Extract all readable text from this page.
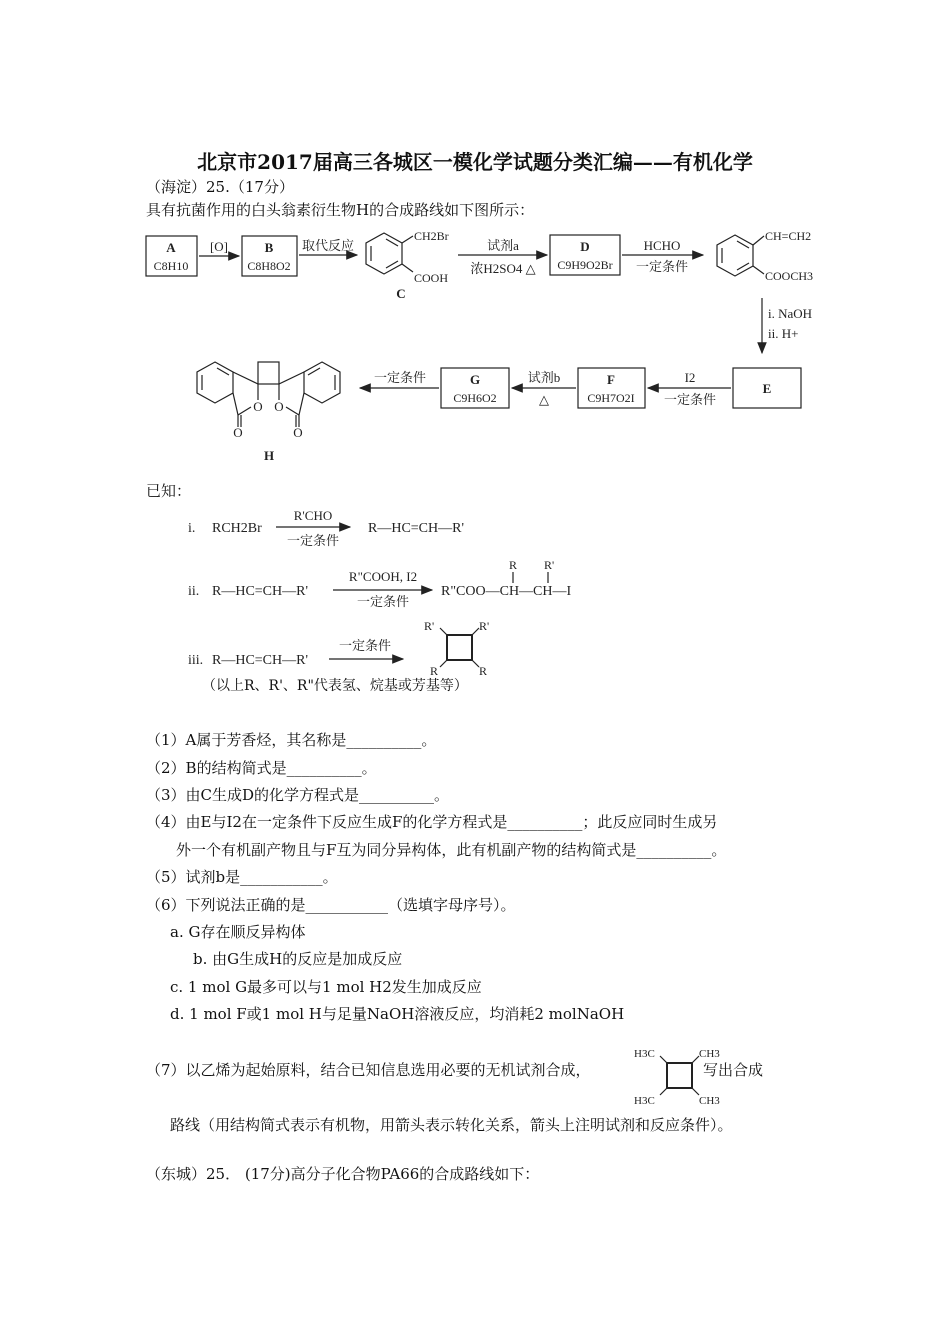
北京市2017届高三各城区一模化学试题分类汇编——有机化学
（海淀）25.（17分）
具有抗菌作用的白头翁素衍生物H的合成路线如下图所示：
A
C8H10
B
C8H8O2
D
C9H9O2Br
E
F
C9H7O2I
G
C9H6O2
[O]	取代反应	试剂a
浓H2SO4 △
HCHO
一定条件
i. NaOH
ii. H+
I2
一定条件
试剂b
△
一定条件
CH2Br
COOH
C
CH=CH2
COOCH3
H
O	O
O O
i. RCH2Br
R'CHO
一定条件
R—HC=CH—R'
ii. R—HC=CH—R'
R"COOH, I2
一定条件
R"COO—CH—CH—I
R R'
iii. R—HC=CH—R'
一定条件
R'	R'
R	R
H3C	CH3
H3C	CH3
已知：
（以上R、R'、R"代表氢、烷基或芳基等）
（1）A属于芳香烃，其名称是__________。
（2）B的结构简式是__________。
（3）由C生成D的化学方程式是__________。
（4）由E与I2在一定条件下反应生成F的化学方程式是__________；此反应同时生成另
外一个有机副产物且与F互为同分异构体，此有机副产物的结构简式是__________。
（5）试剂b是___________。
（6）下列说法正确的是___________（选填字母序号）。
a. G存在顺反异构体
b. 由G生成H的反应是加成反应
c. 1 mol G最多可以与1 mol H2发生加成反应
d. 1 mol F或1 mol H与足量NaOH溶液反应，均消耗2 molNaOH
（7）以乙烯为起始原料，结合已知信息选用必要的无机试剂合成，	写出合成
路线（用结构简式表示有机物，用箭头表示转化关系，箭头上注明试剂和反应条件）。
（东城）25． (17分)高分子化合物PA66的合成路线如下：
